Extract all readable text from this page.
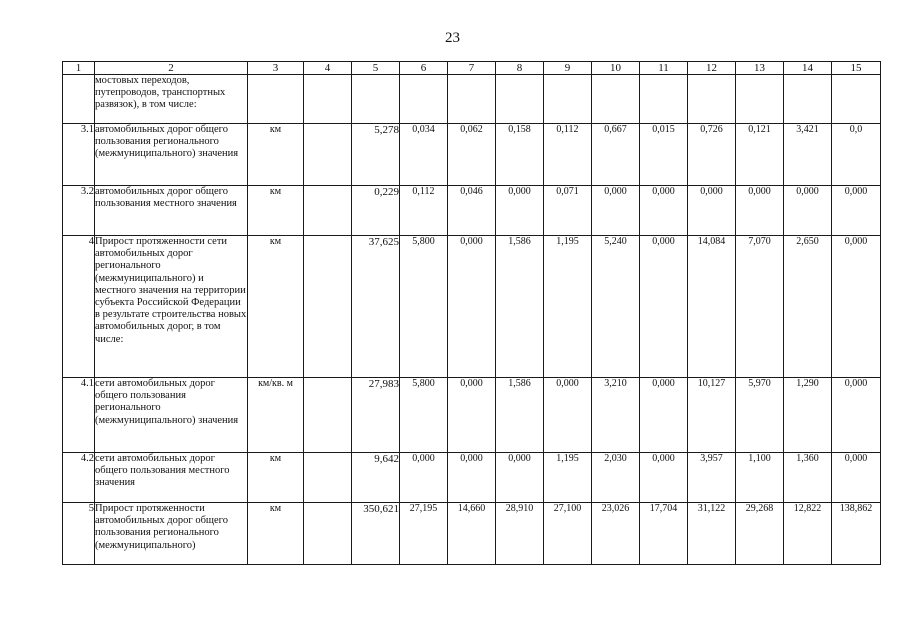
23
1	2	3	4	5	6	7	8	9	10	11	12	13	14	15
	мостовых переходов, путепроводов, транспортных развязок), в том числе:													
3.1	автомобильных дорог общего пользования регионального (межмуниципального) значения	км		5,278	0,034	0,062	0,158	0,112	0,667	0,015	0,726	0,121	3,421	0,0
3.2	автомобильных дорог общего пользования местного значения	км		0,229	0,112	0,046	0,000	0,071	0,000	0,000	0,000	0,000	0,000	0,000
4	Прирост протяженности сети автомобильных дорог регионального (межмуниципального) и местного значения на территории субъекта Российской Федерации в результате строительства новых автомобильных дорог, в том числе:	км		37,625	5,800	0,000	1,586	1,195	5,240	0,000	14,084	7,070	2,650	0,000
4.1	сети автомобильных дорог общего пользования регионального (межмуниципального) значения	км/кв. м		27,983	5,800	0,000	1,586	0,000	3,210	0,000	10,127	5,970	1,290	0,000
4.2	сети автомобильных дорог общего пользования местного значения	км		9,642	0,000	0,000	0,000	1,195	2,030	0,000	3,957	1,100	1,360	0,000
5	Прирост протяженности автомобильных дорог общего пользования регионального (межмуниципального)	км		350,621	27,195	14,660	28,910	27,100	23,026	17,704	31,122	29,268	12,822	138,862
